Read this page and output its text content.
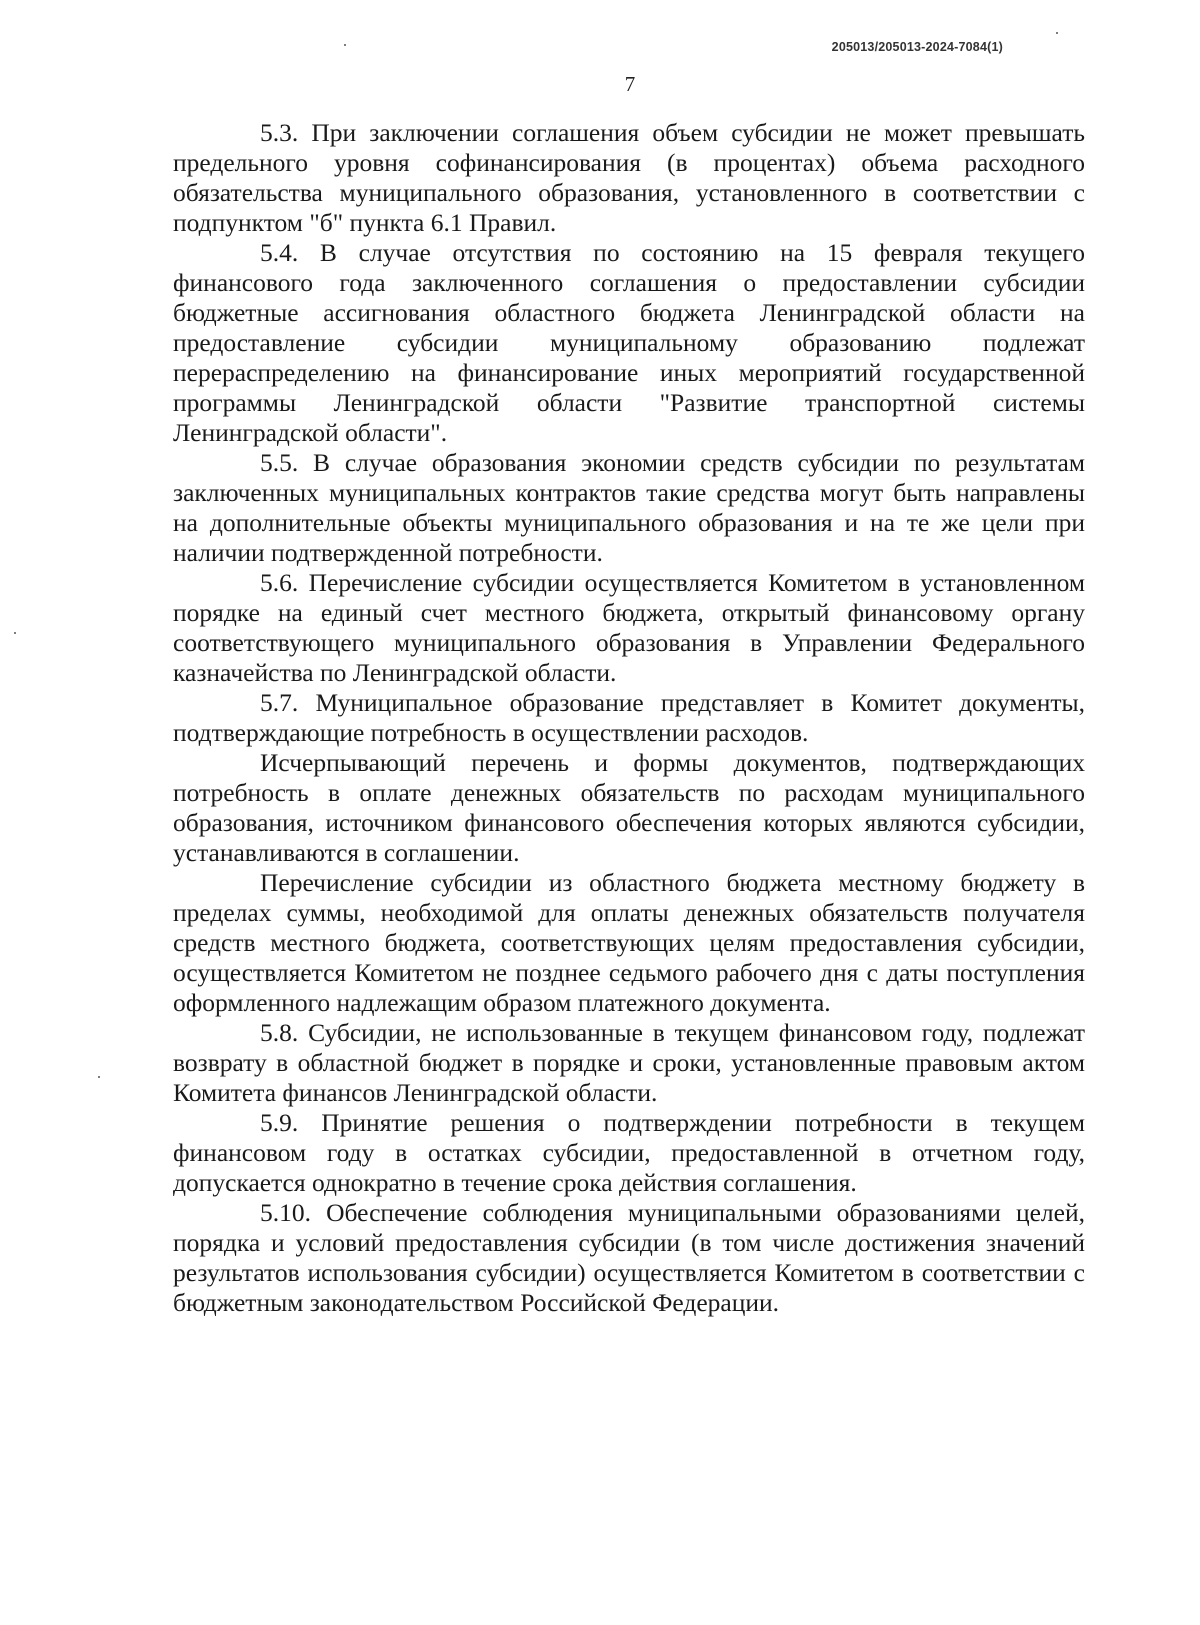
205013/205013-2024-7084(1)
7

5.3. При заключении соглашения объем субсидии не может превышать предельного уровня софинансирования (в процентах) объема расходного обязательства муниципального образования, установленного в соответствии с подпунктом "б" пункта 6.1 Правил.

5.4. В случае отсутствия по состоянию на 15 февраля текущего финансового года заключенного соглашения о предоставлении субсидии бюджетные ассигнования областного бюджета Ленинградской области на предоставление субсидии муниципальному образованию подлежат перераспределению на финансирование иных мероприятий государственной программы Ленинградской области "Развитие транспортной системы Ленинградской области".

5.5. В случае образования экономии средств субсидии по результатам заключенных муниципальных контрактов такие средства могут быть направлены на дополнительные объекты муниципального образования и на те же цели при наличии подтвержденной потребности.

5.6. Перечисление субсидии осуществляется Комитетом в установленном порядке на единый счет местного бюджета, открытый финансовому органу соответствующего муниципального образования в Управлении Федерального казначейства по Ленинградской области.

5.7. Муниципальное образование представляет в Комитет документы, подтверждающие потребность в осуществлении расходов.

Исчерпывающий перечень и формы документов, подтверждающих потребность в оплате денежных обязательств по расходам муниципального образования, источником финансового обеспечения которых являются субсидии, устанавливаются в соглашении.

Перечисление субсидии из областного бюджета местному бюджету в пределах суммы, необходимой для оплаты денежных обязательств получателя средств местного бюджета, соответствующих целям предоставления субсидии, осуществляется Комитетом не позднее седьмого рабочего дня с даты поступления оформленного надлежащим образом платежного документа.

5.8. Субсидии, не использованные в текущем финансовом году, подлежат возврату в областной бюджет в порядке и сроки, установленные правовым актом Комитета финансов Ленинградской области.

5.9. Принятие решения о подтверждении потребности в текущем финансовом году в остатках субсидии, предоставленной в отчетном году, допускается однократно в течение срока действия соглашения.

5.10. Обеспечение соблюдения муниципальными образованиями целей, порядка и условий предоставления субсидии (в том числе достижения значений результатов использования субсидии) осуществляется Комитетом в соответствии с бюджетным законодательством Российской Федерации.
